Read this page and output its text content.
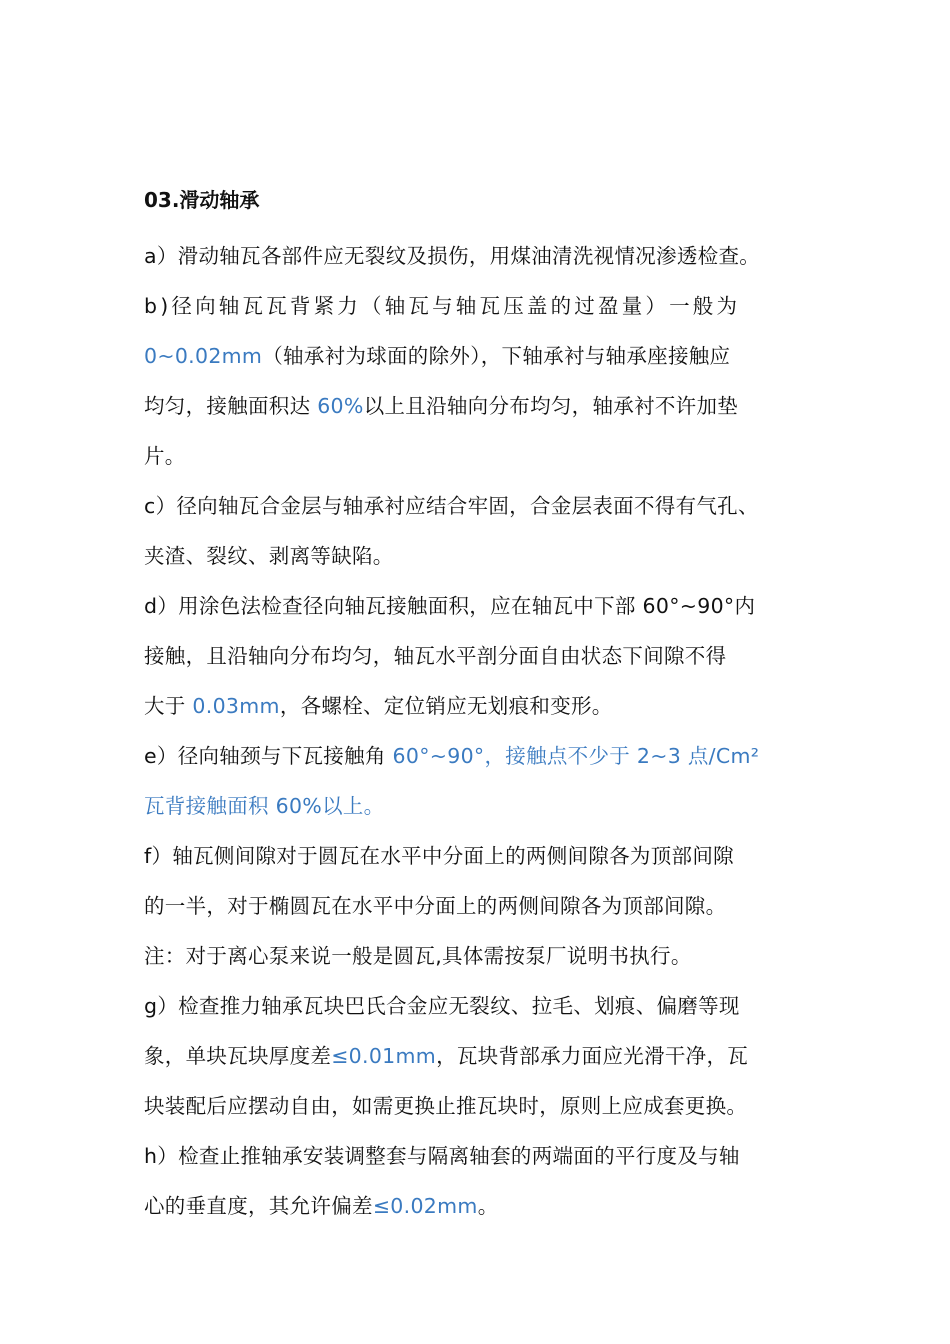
03.滑动轴承
a）滑动轴瓦各部件应无裂纹及损伤，用煤油清洗视情况渗透检查。
b)径向轴瓦瓦背紧力（轴瓦与轴瓦压盖的过盈量）一般为
0~0.02mm（轴承衬为球面的除外），下轴承衬与轴承座接触应
均匀，接触面积达 60%以上且沿轴向分布均匀，轴承衬不许加垫
片。
c）径向轴瓦合金层与轴承衬应结合牢固，合金层表面不得有气孔、
夹渣、裂纹、剥离等缺陷。
d）用涂色法检查径向轴瓦接触面积，应在轴瓦中下部 60°~90°内
接触，且沿轴向分布均匀，轴瓦水平剖分面自由状态下间隙不得
大于 0.03mm，各螺栓、定位销应无划痕和变形。
e）径向轴颈与下瓦接触角 60°~90°，接触点不少于 2~3 点/Cm²
瓦背接触面积 60%以上。
f）轴瓦侧间隙对于圆瓦在水平中分面上的两侧间隙各为顶部间隙
的一半，对于椭圆瓦在水平中分面上的两侧间隙各为顶部间隙。
注：对于离心泵来说一般是圆瓦,具体需按泵厂说明书执行。
g）检查推力轴承瓦块巴氏合金应无裂纹、拉毛、划痕、偏磨等现
象，单块瓦块厚度差≤0.01mm，瓦块背部承力面应光滑干净，瓦
块装配后应摆动自由，如需更换止推瓦块时，原则上应成套更换。
h）检查止推轴承安装调整套与隔离轴套的两端面的平行度及与轴
心的垂直度，其允许偏差≤0.02mm。
